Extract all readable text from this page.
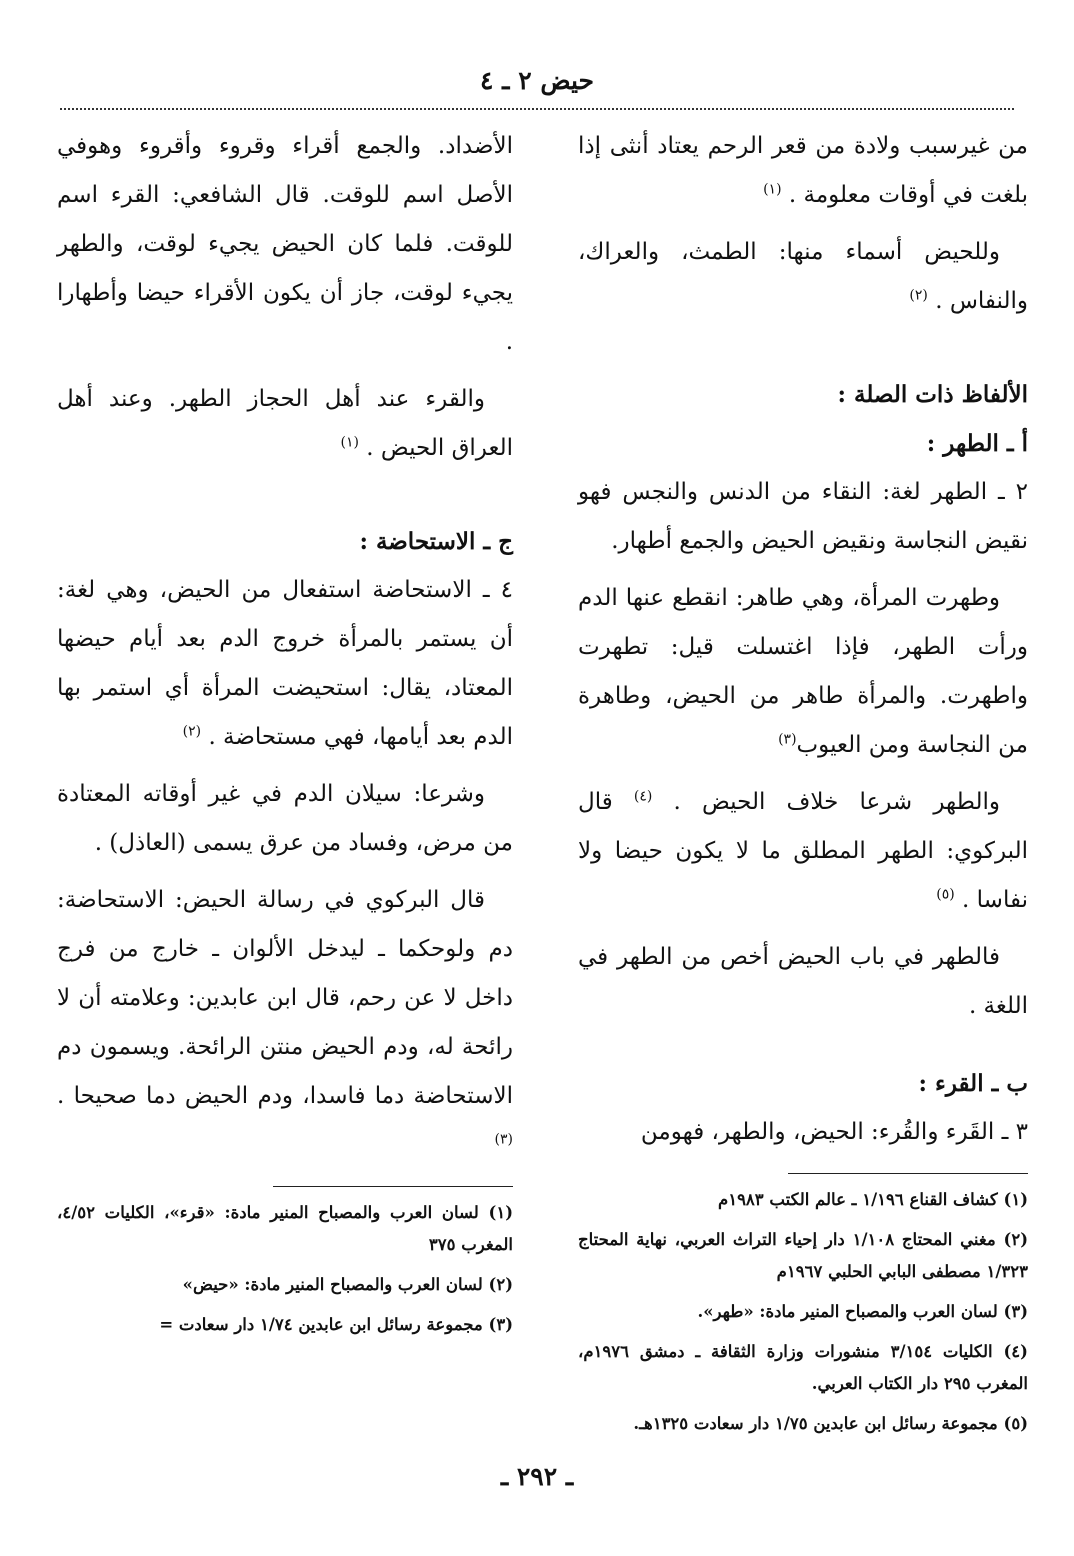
حيض ٢ ـ ٤

من غيرسبب ولادة من قعر الرحم يعتاد أنثى إذا بلغت في أوقات معلومة . $^{(١)}$

وللحيض أسماء منها: الطمث، والعراك، والنفاس . $^{(٢)}$

الألفاظ ذات الصلة :
أ ـ الطهر :

٢ ـ الطهر لغة: النقاء من الدنس والنجس فهو نقيض النجاسة ونقيض الحيض والجمع أطهار.

وطهرت المرأة، وهي طاهر: انقطع عنها الدم ورأت الطهر، فإذا اغتسلت قيل: تطهرت واطهرت. والمرأة طاهر من الحيض، وطاهرة من النجاسة ومن العيوب$^{(٣)}$

والطهر شرعا خلاف الحيض . $^{(٤)}$ قال البركوي: الطهر المطلق ما لا يكون حيضا ولا نفاسا . $^{(٥)}$

فالطهر في باب الحيض أخص من الطهر في اللغة .

ب ـ القرء :

٣ ـ القَرء والقُرء: الحيض، والطهر، فهومن

(١) كشاف القناع ١/١٩٦ ـ عالم الكتب ١٩٨٣م

(٢) مغني المحتاج ١/١٠٨ دار إحياء التراث العربي، نهاية المحتاج ١/٣٢٣ مصطفى البابي الحلبي ١٩٦٧م

(٣) لسان العرب والمصباح المنير مادة: «طهر».

(٤) الكليات ٣/١٥٤ منشورات وزارة الثقافة ـ دمشق ١٩٧٦م، المغرب ٢٩٥ دار الكتاب العربي.

(٥) مجموعة رسائل ابن عابدين ١/٧٥ دار سعادت ١٣٢٥هـ.

الأضداد. والجمع أقراء وقروء وأقروء وهوفي الأصل اسم للوقت. قال الشافعي: القرء اسم للوقت. فلما كان الحيض يجيء لوقت، والطهر يجيء لوقت، جاز أن يكون الأقراء حيضا وأطهارا .

والقرء عند أهل الحجاز الطهر. وعند أهل العراق الحيض . $^{(١)}$

ج ـ الاستحاضة :

٤ ـ الاستحاضة استفعال من الحيض، وهي لغة: أن يستمر بالمرأة خروج الدم بعد أيام حيضها المعتاد، يقال: استحيضت المرأة أي استمر بها الدم بعد أيامها، فهي مستحاضة . $^{(٢)}$

وشرعا: سيلان الدم في غير أوقاته المعتادة من مرض، وفساد من عرق يسمى (العاذل) .

قال البركوي في رسالة الحيض: الاستحاضة: دم ولوحكما ـ ليدخل الألوان ـ خارج من فرج داخل لا عن رحم، قال ابن عابدين: وعلامته أن لا رائحة له، ودم الحيض منتن الرائحة. ويسمون دم الاستحاضة دما فاسدا، ودم الحيض دما صحيحا . $^{(٣)}$

(١) لسان العرب والمصباح المنير مادة: «قرء»، الكليات ٤/٥٢، المغرب ٣٧٥

(٢) لسان العرب والمصباح المنير مادة: «حيض»

(٣) مجموعة رسائل ابن عابدين ١/٧٤ دار سعادت =

ـ ٢٩٢ ـ
